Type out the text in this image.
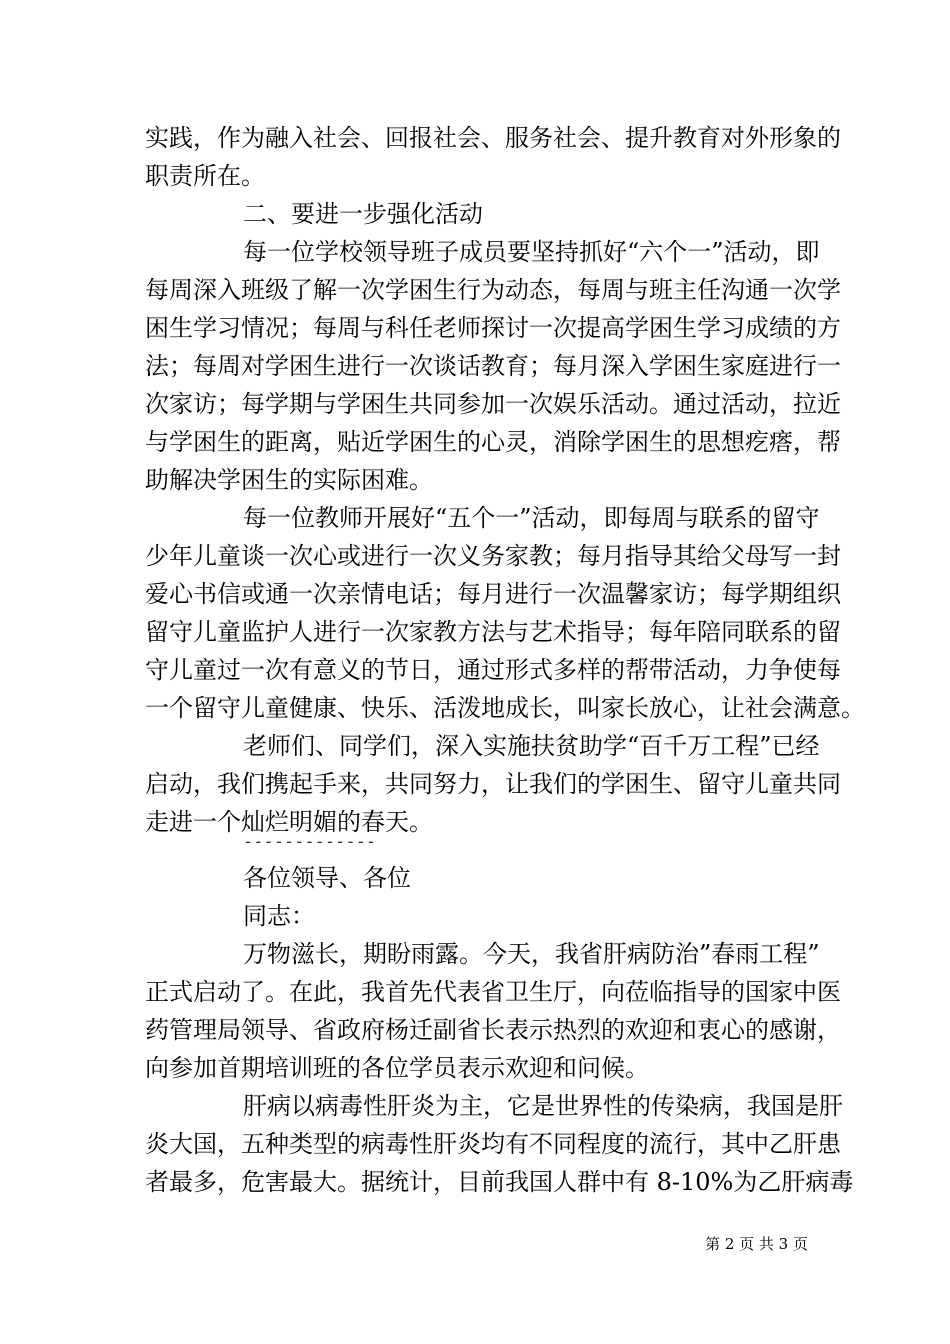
实践，作为融入社会、回报社会、服务社会、提升教育对外形象的
职责所在。
二、要进一步强化活动
每一位学校领导班子成员要坚持抓好“六个一”活动，即
每周深入班级了解一次学困生行为动态，每周与班主任沟通一次学
困生学习情况；每周与科任老师探讨一次提高学困生学习成绩的方
法；每周对学困生进行一次谈话教育；每月深入学困生家庭进行一
次家访；每学期与学困生共同参加一次娱乐活动。通过活动，拉近
与学困生的距离，贴近学困生的心灵，消除学困生的思想疙瘩，帮
助解决学困生的实际困难。
每一位教师开展好“五个一”活动，即每周与联系的留守
少年儿童谈一次心或进行一次义务家教；每月指导其给父母写一封
爱心书信或通一次亲情电话；每月进行一次温馨家访；每学期组织
留守儿童监护人进行一次家教方法与艺术指导；每年陪同联系的留
守儿童过一次有意义的节日，通过形式多样的帮带活动，力争使每
一个留守儿童健康、快乐、活泼地成长，叫家长放心，让社会满意。
老师们、同学们，深入实施扶贫助学“百千万工程”已经
启动，我们携起手来，共同努力，让我们的学困生、留守儿童共同
走进一个灿烂明媚的春天。
-------------
各位领导、各位
同志：
万物滋长，期盼雨露。今天，我省肝病防治”春雨工程”
正式启动了。在此，我首先代表省卫生厅，向莅临指导的国家中医
药管理局领导、省政府杨迁副省长表示热烈的欢迎和衷心的感谢，
向参加首期培训班的各位学员表示欢迎和问候。
肝病以病毒性肝炎为主，它是世界性的传染病，我国是肝
炎大国，五种类型的病毒性肝炎均有不同程度的流行，其中乙肝患
者最多，危害最大。据统计，目前我国人群中有 8-10%为乙肝病毒
第 2 页 共 3 页
